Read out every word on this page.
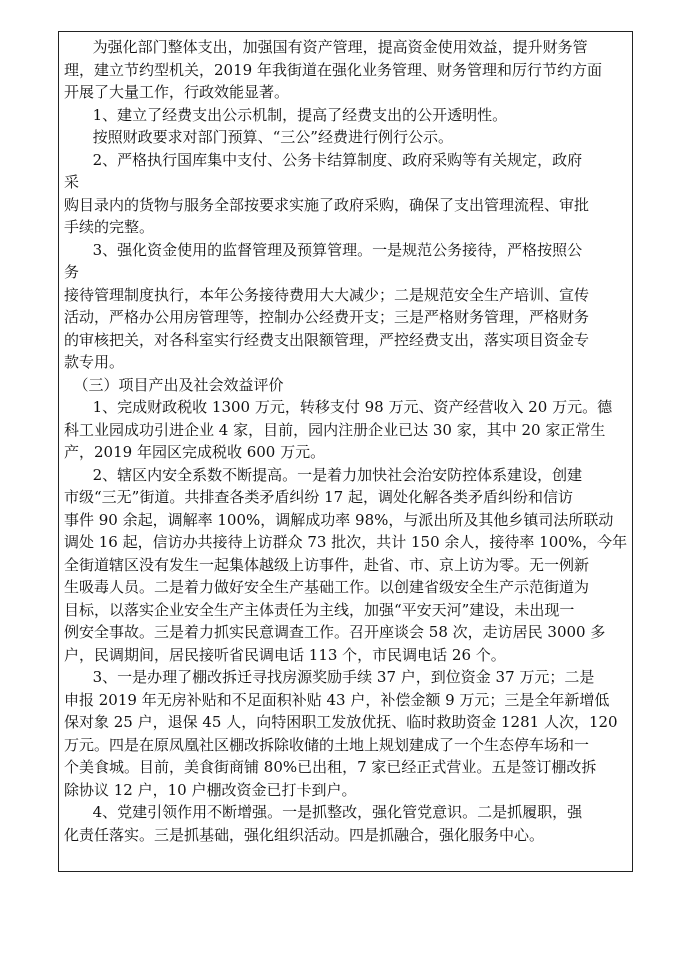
为强化部门整体支出，加强国有资产管理，提高资金使用效益，提升财务管
理，建立节约型机关，2019 年我街道在强化业务管理、财务管理和厉行节约方面
开展了大量工作，行政效能显著。
1、建立了经费支出公示机制，提高了经费支出的公开透明性。
按照财政要求对部门预算、“三公”经费进行例行公示。
2、严格执行国库集中支付、公务卡结算制度、政府采购等有关规定，政府
采
购目录内的货物与服务全部按要求实施了政府采购，确保了支出管理流程、审批
手续的完整。
3、强化资金使用的监督管理及预算管理。一是规范公务接待，严格按照公
务
接待管理制度执行，本年公务接待费用大大减少；二是规范安全生产培训、宣传
活动，严格办公用房管理等，控制办公经费开支；三是严格财务管理，严格财务
的审核把关，对各科室实行经费支出限额管理，严控经费支出，落实项目资金专
款专用。
（三）项目产出及社会效益评价
1、完成财政税收 1300 万元，转移支付 98 万元、资产经营收入 20 万元。德
科工业园成功引进企业 4 家，目前，园内注册企业已达 30 家，其中 20 家正常生
产，2019 年园区完成税收 600 万元。
2、辖区内安全系数不断提高。一是着力加快社会治安防控体系建设，创建
市级“三无”街道。共排查各类矛盾纠纷 17 起，调处化解各类矛盾纠纷和信访
事件 90 余起，调解率 100%，调解成功率 98%，与派出所及其他乡镇司法所联动
调处 16 起，信访办共接待上访群众 73 批次，共计 150 余人，接待率 100%，今年
全街道辖区没有发生一起集体越级上访事件，赴省、市、京上访为零。无一例新
生吸毒人员。二是着力做好安全生产基础工作。以创建省级安全生产示范街道为
目标，以落实企业安全生产主体责任为主线，加强“平安天河”建设，未出现一
例安全事故。三是着力抓实民意调查工作。召开座谈会 58 次，走访居民 3000 多
户，民调期间，居民接听省民调电话 113 个，市民调电话 26 个。
3、一是办理了棚改拆迁寻找房源奖励手续 37 户，到位资金 37 万元；二是
申报 2019 年无房补贴和不足面积补贴 43 户，补偿金额 9 万元；三是全年新增低
保对象 25 户，退保 45 人，向特困职工发放优抚、临时救助资金 1281 人次，120
万元。四是在原凤凰社区棚改拆除收储的土地上规划建成了一个生态停车场和一
个美食城。目前，美食街商铺 80%已出租，7 家已经正式营业。五是签订棚改拆
除协议 12 户，10 户棚改资金已打卡到户。
4、党建引领作用不断增强。一是抓整改，强化管党意识。二是抓履职，强
化责任落实。三是抓基础，强化组织活动。四是抓融合，强化服务中心。
